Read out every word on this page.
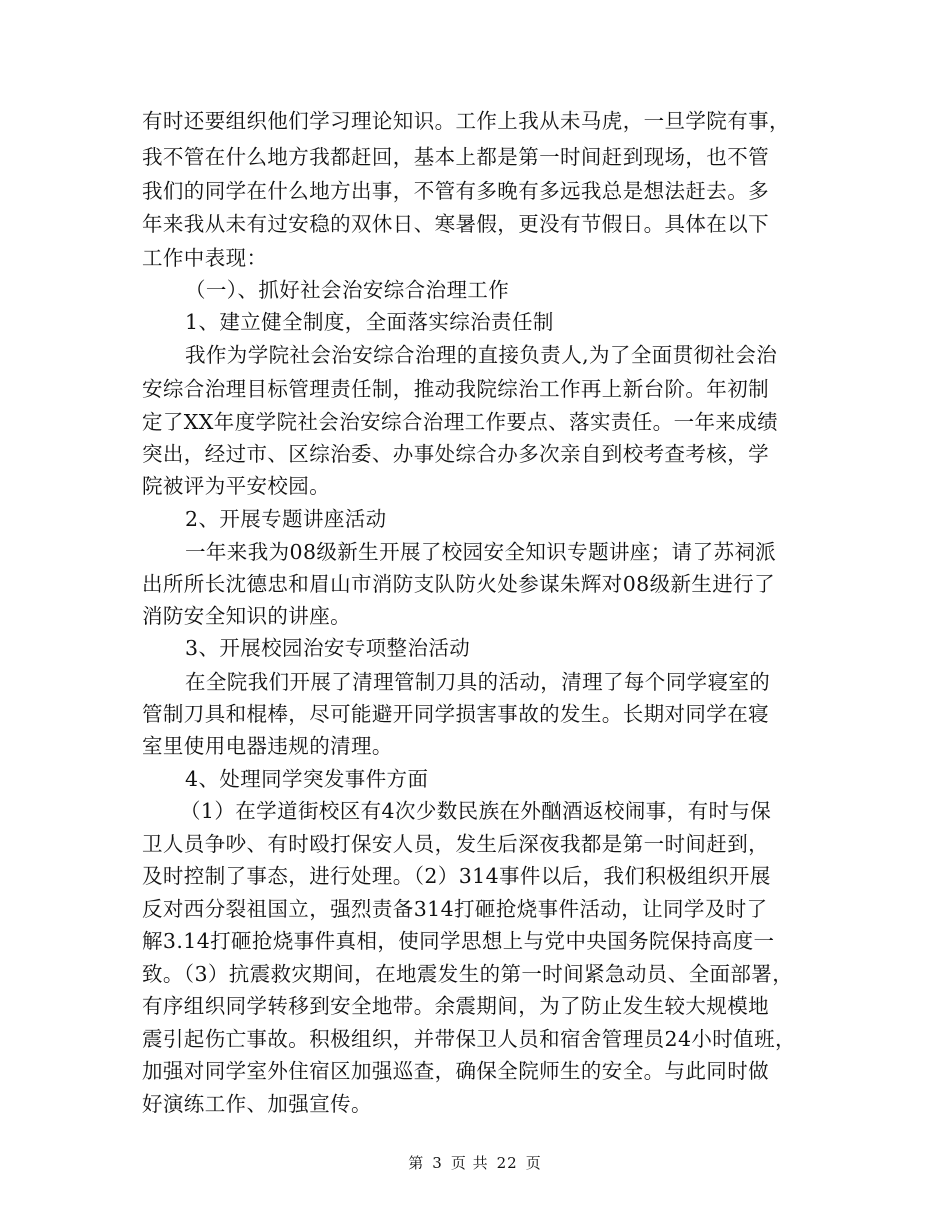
有时还要组织他们学习理论知识。工作上我从未马虎，一旦学院有事，
我不管在什么地方我都赶回，基本上都是第一时间赶到现场，也不管
我们的同学在什么地方出事，不管有多晚有多远我总是想法赶去。多
年来我从未有过安稳的双休日、寒暑假，更没有节假日。具体在以下
工作中表现：
（一）、抓好社会治安综合治理工作
1、建立健全制度，全面落实综治责任制
我作为学院社会治安综合治理的直接负责人,为了全面贯彻社会治
安综合治理目标管理责任制，推动我院综治工作再上新台阶。年初制
定了XX年度学院社会治安综合治理工作要点、落实责任。一年来成绩
突出，经过市、区综治委、办事处综合办多次亲自到校考查考核，学
院被评为平安校园。
2、开展专题讲座活动
一年来我为08级新生开展了校园安全知识专题讲座；请了苏祠派
出所所长沈德忠和眉山市消防支队防火处参谋朱辉对08级新生进行了
消防安全知识的讲座。
3、开展校园治安专项整治活动
在全院我们开展了清理管制刀具的活动，清理了每个同学寝室的
管制刀具和棍棒，尽可能避开同学损害事故的发生。长期对同学在寝
室里使用电器违规的清理。
4、处理同学突发事件方面
（1）在学道街校区有4次少数民族在外酗酒返校闹事，有时与保
卫人员争吵、有时殴打保安人员，发生后深夜我都是第一时间赶到，
及时控制了事态，进行处理。（2）314事件以后，我们积极组织开展
反对西分裂祖国立，强烈责备314打砸抢烧事件活动，让同学及时了
解3.14打砸抢烧事件真相，使同学思想上与党中央国务院保持高度一
致。（3）抗震救灾期间，在地震发生的第一时间紧急动员、全面部署，
有序组织同学转移到安全地带。余震期间，为了防止发生较大规模地
震引起伤亡事故。积极组织，并带保卫人员和宿舍管理员24小时值班，
加强对同学室外住宿区加强巡查，确保全院师生的安全。与此同时做
好演练工作、加强宣传。
第 3 页 共 22 页
